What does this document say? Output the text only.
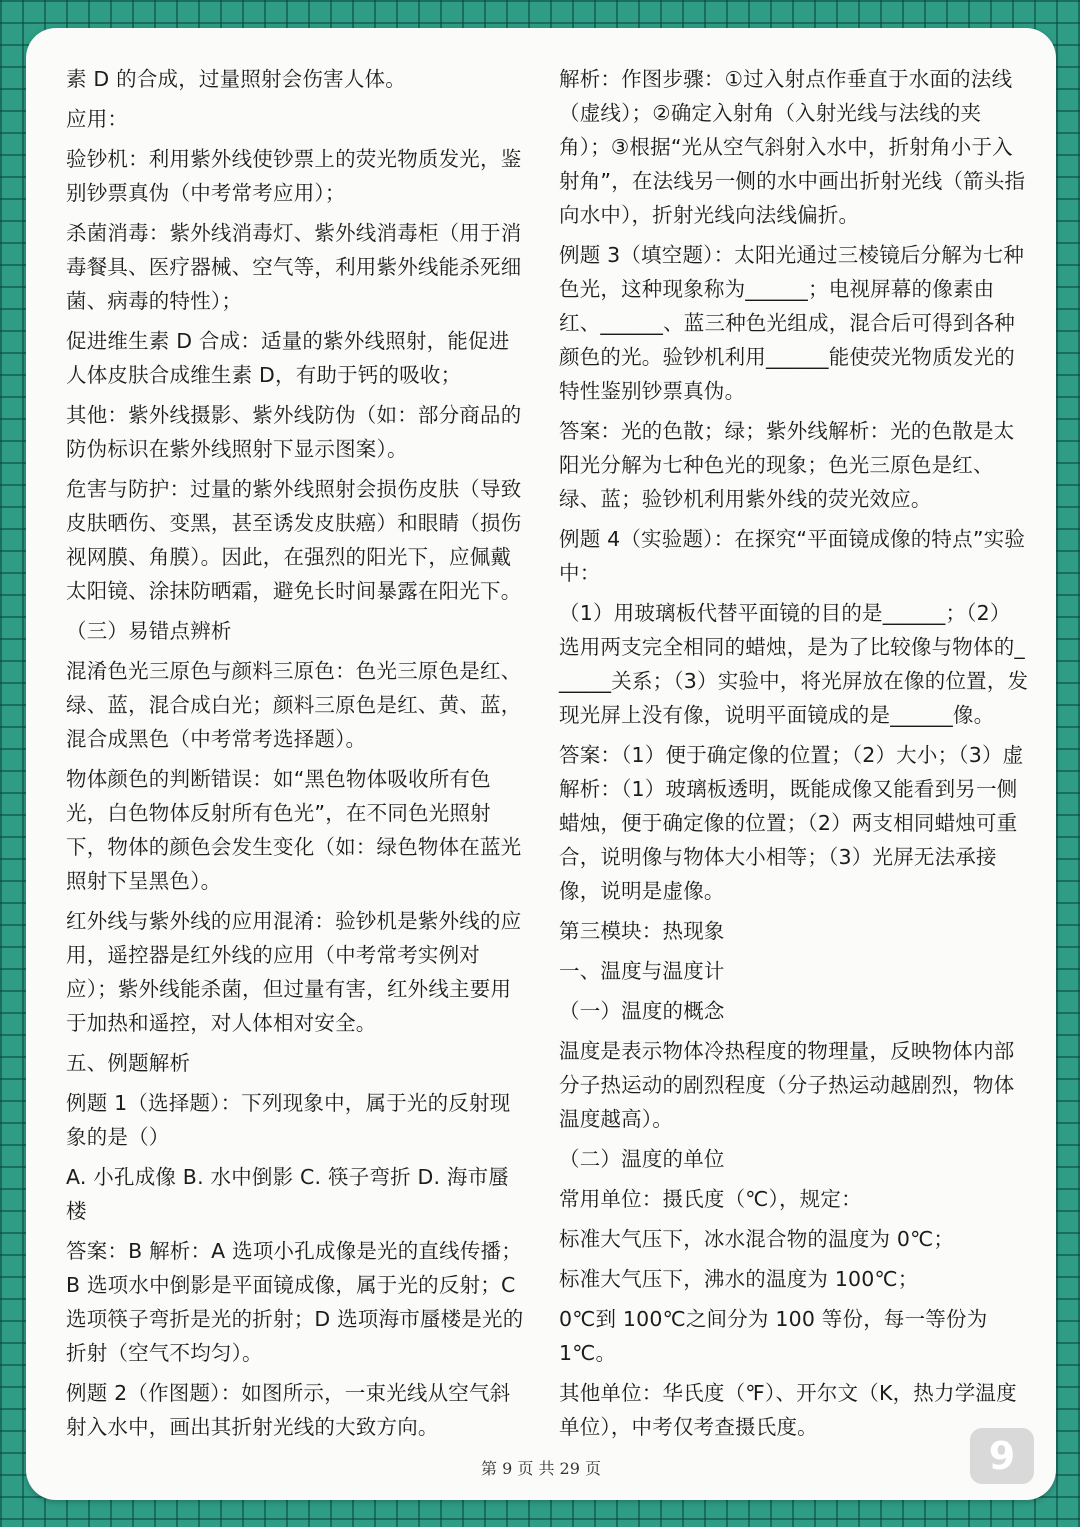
素 D 的合成，过量照射会伤害人体。

应用：

验钞机：利用紫外线使钞票上的荧光物质发光，鉴别钞票真伪（中考常考应用）；

杀菌消毒：紫外线消毒灯、紫外线消毒柜（用于消毒餐具、医疗器械、空气等，利用紫外线能杀死细菌、病毒的特性）；

促进维生素 D 合成：适量的紫外线照射，能促进人体皮肤合成维生素 D，有助于钙的吸收；

其他：紫外线摄影、紫外线防伪（如：部分商品的防伪标识在紫外线照射下显示图案）。

危害与防护：过量的紫外线照射会损伤皮肤（导致皮肤晒伤、变黑，甚至诱发皮肤癌）和眼睛（损伤视网膜、角膜）。因此，在强烈的阳光下，应佩戴太阳镜、涂抹防晒霜，避免长时间暴露在阳光下。

（三）易错点辨析

混淆色光三原色与颜料三原色：色光三原色是红、绿、蓝，混合成白光；颜料三原色是红、黄、蓝，混合成黑色（中考常考选择题）。

物体颜色的判断错误：如“黑色物体吸收所有色光，白色物体反射所有色光”，在不同色光照射下，物体的颜色会发生变化（如：绿色物体在蓝光照射下呈黑色）。

红外线与紫外线的应用混淆：验钞机是紫外线的应用，遥控器是红外线的应用（中考常考实例对应）；紫外线能杀菌，但过量有害，红外线主要用于加热和遥控，对人体相对安全。

五、例题解析

例题 1（选择题）：下列现象中，属于光的反射现象的是（）

A. 小孔成像 B. 水中倒影 C. 筷子弯折 D. 海市蜃楼

答案：B 解析：A 选项小孔成像是光的直线传播；B 选项水中倒影是平面镜成像，属于光的反射；C 选项筷子弯折是光的折射；D 选项海市蜃楼是光的折射（空气不均匀）。

例题 2（作图题）：如图所示，一束光线从空气斜射入水中，画出其折射光线的大致方向。

解析：作图步骤：①过入射点作垂直于水面的法线（虚线）；②确定入射角（入射光线与法线的夹角）；③根据“光从空气斜射入水中，折射角小于入射角”，在法线另一侧的水中画出折射光线（箭头指向水中），折射光线向法线偏折。

例题 3（填空题）：太阳光通过三棱镜后分解为七种色光，这种现象称为______；电视屏幕的像素由红、______、蓝三种色光组成，混合后可得到各种颜色的光。验钞机利用______能使荧光物质发光的特性鉴别钞票真伪。

答案：光的色散；绿；紫外线解析：光的色散是太阳光分解为七种色光的现象；色光三原色是红、绿、蓝；验钞机利用紫外线的荧光效应。

例题 4（实验题）：在探究“平面镜成像的特点”实验中：

（1）用玻璃板代替平面镜的目的是______；（2）选用两支完全相同的蜡烛，是为了比较像与物体的______关系；（3）实验中，将光屏放在像的位置，发现光屏上没有像，说明平面镜成的是______像。

答案：（1）便于确定像的位置；（2）大小；（3）虚解析：（1）玻璃板透明，既能成像又能看到另一侧蜡烛，便于确定像的位置；（2）两支相同蜡烛可重合，说明像与物体大小相等；（3）光屏无法承接像，说明是虚像。

第三模块：热现象

一、温度与温度计

（一）温度的概念

温度是表示物体冷热程度的物理量，反映物体内部分子热运动的剧烈程度（分子热运动越剧烈，物体温度越高）。

（二）温度的单位

常用单位：摄氏度（℃），规定：

标准大气压下，冰水混合物的温度为 0℃；

标准大气压下，沸水的温度为 100℃；

0℃到 100℃之间分为 100 等份，每一等份为 1℃。

其他单位：华氏度（℉）、开尔文（K，热力学温度单位），中考仅考查摄氏度。

第 9 页 共 29 页	9
